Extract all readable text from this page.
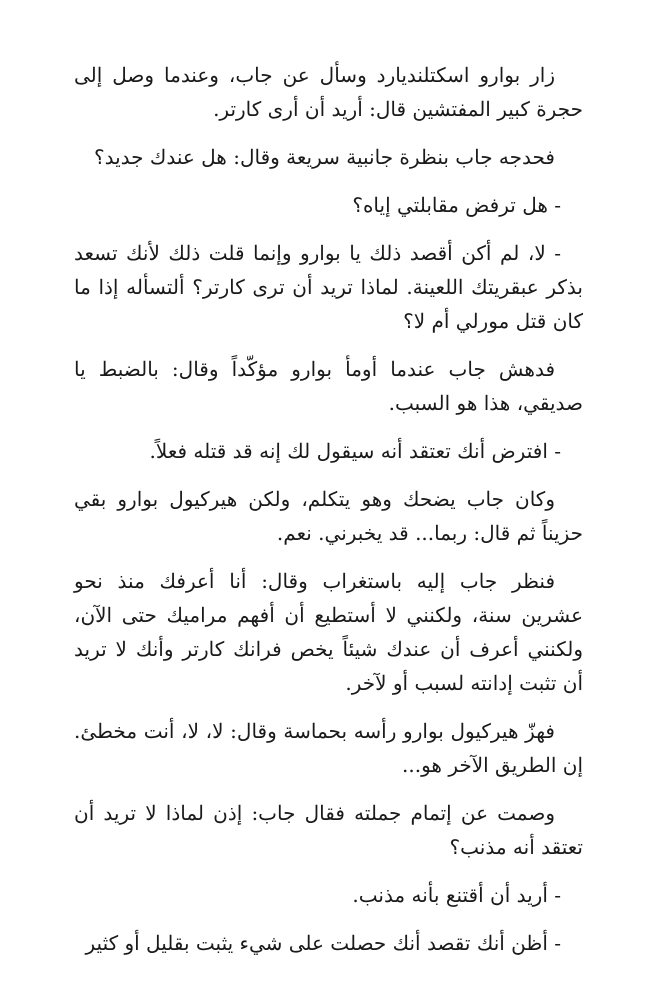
زار بوارو اسكتلنديارد وسأل عن جاب، وعندما وصل إلى حجرة كبير المفتشين قال: أريد أن أرى كارتر.

فحدجه جاب بنظرة جانبية سريعة وقال: هل عندك جديد؟

- هل ترفض مقابلتي إياه؟

- لا، لم أكن أقصد ذلك يا بوارو وإنما قلت ذلك لأنك تسعد بذكر عبقريتك اللعينة. لماذا تريد أن ترى كارتر؟ ألتسأله إذا ما كان قتل مورلي أم لا؟

فدهش جاب عندما أومأ بوارو مؤكّداً وقال: بالضبط يا صديقي، هذا هو السبب.

- افترض أنك تعتقد أنه سيقول لك إنه قد قتله فعلاً.

وكان جاب يضحك وهو يتكلم، ولكن هيركيول بوارو بقي حزيناً ثم قال: ربما... قد يخبرني. نعم.

فنظر جاب إليه باستغراب وقال: أنا أعرفك منذ نحو عشرين سنة، ولكنني لا أستطيع أن أفهم مراميك حتى الآن، ولكنني أعرف أن عندك شيئاً يخص فرانك كارتر وأنك لا تريد أن تثبت إدانته لسبب أو لآخر.

فهزّ هيركيول بوارو رأسه بحماسة وقال: لا، لا، أنت مخطئ. إن الطريق الآخر هو...

وصمت عن إتمام جملته فقال جاب: إذن لماذا لا تريد أن تعتقد أنه مذنب؟

- أريد أن أقتنع بأنه مذنب.

- أظن أنك تقصد أنك حصلت على شيء يثبت بقليل أو كثير
